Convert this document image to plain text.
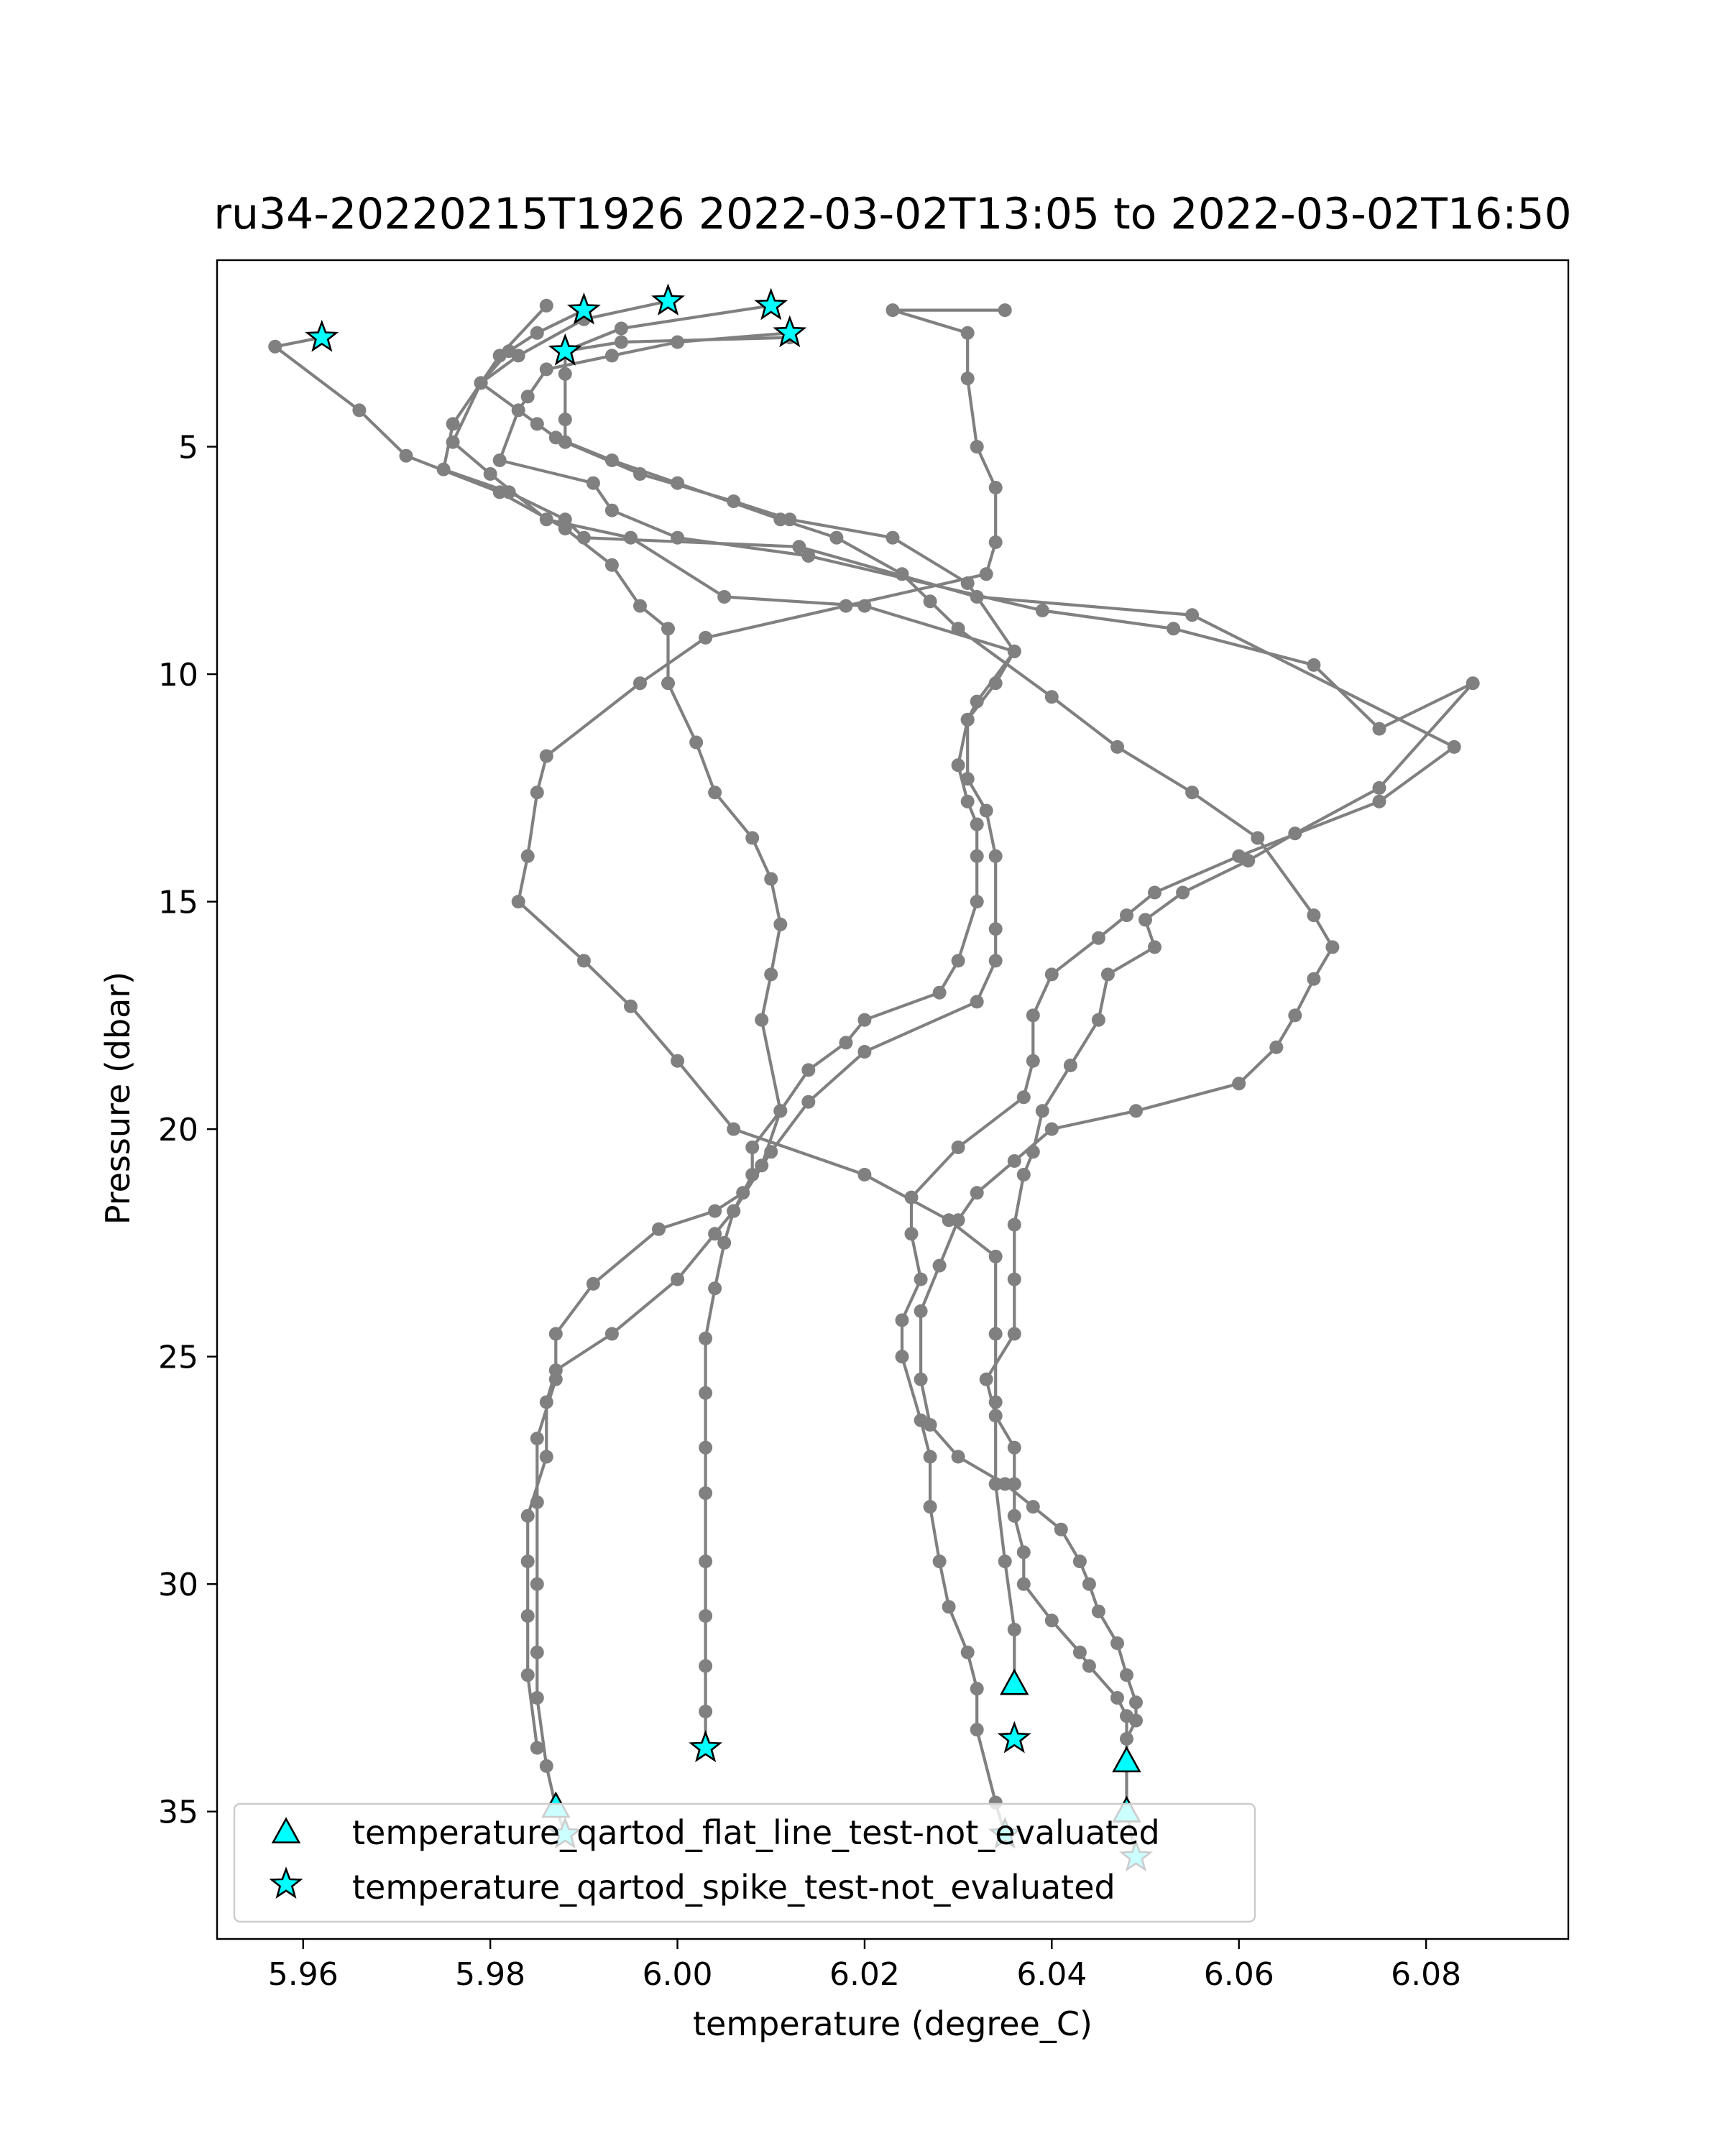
ru34-20220215T1926 2022-03-02T13:05 to 2022-03-02T16:50
5.96	5.98	6.00	6.02	6.04	6.06	6.08
5
10
15
20
25
30
35
temperature (degree_C)
Pressure (dbar)
temperature_qartod_flat_line_test-not_evaluated
temperature_qartod_spike_test-not_evaluated
